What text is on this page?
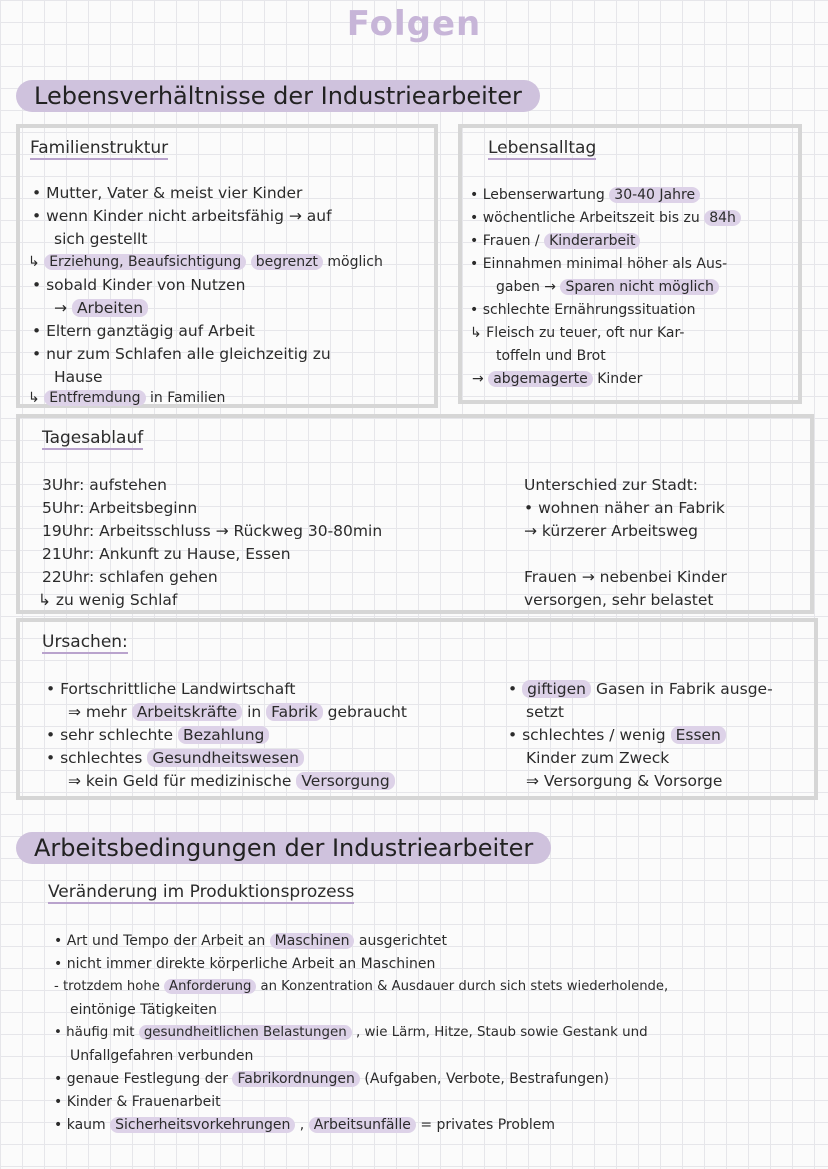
Folgen
Lebensverhältnisse der Industriearbeiter
Familienstruktur
• Mutter, Vater & meist vier Kinder
• wenn Kinder nicht arbeitsfähig → auf
sich gestellt
↳ Erziehung, Beaufsichtigung begrenzt möglich
• sobald Kinder von Nutzen
→ Arbeiten
• Eltern ganztägig auf Arbeit
• nur zum Schlafen alle gleichzeitig zu
Hause
↳ Entfremdung in Familien
Lebensalltag
• Lebenserwartung 30-40 Jahre
• wöchentliche Arbeitszeit bis zu 84h
• Frauen / Kinderarbeit
• Einnahmen minimal höher als Aus-
gaben → Sparen nicht möglich
• schlechte Ernährungssituation
↳ Fleisch zu teuer, oft nur Kar-
toffeln und Brot
→ abgemagerte Kinder
Tagesablauf
3Uhr: aufstehen
5Uhr: Arbeitsbeginn
19Uhr: Arbeitsschluss → Rückweg 30-80min
21Uhr: Ankunft zu Hause, Essen
22Uhr: schlafen gehen
↳ zu wenig Schlaf
Unterschied zur Stadt:
• wohnen näher an Fabrik
→ kürzerer Arbeitsweg
Frauen → nebenbei Kinder
versorgen, sehr belastet
Ursachen:
• Fortschrittliche Landwirtschaft
⇒ mehr Arbeitskräfte in Fabrik gebraucht
• sehr schlechte Bezahlung
• schlechtes Gesundheitswesen
⇒ kein Geld für medizinische Versorgung
• giftigen Gasen in Fabrik ausge-
setzt
• schlechtes / wenig Essen
Kinder zum Zweck
⇒ Versorgung & Vorsorge
Arbeitsbedingungen der Industriearbeiter
Veränderung im Produktionsprozess
• Art und Tempo der Arbeit an Maschinen ausgerichtet
• nicht immer direkte körperliche Arbeit an Maschinen
- trotzdem hohe Anforderung an Konzentration & Ausdauer durch sich stets wiederholende,
eintönige Tätigkeiten
• häufig mit gesundheitlichen Belastungen , wie Lärm, Hitze, Staub sowie Gestank und
Unfallgefahren verbunden
• genaue Festlegung der Fabrikordnungen (Aufgaben, Verbote, Bestrafungen)
• Kinder & Frauenarbeit
• kaum Sicherheitsvorkehrungen , Arbeitsunfälle = privates Problem
